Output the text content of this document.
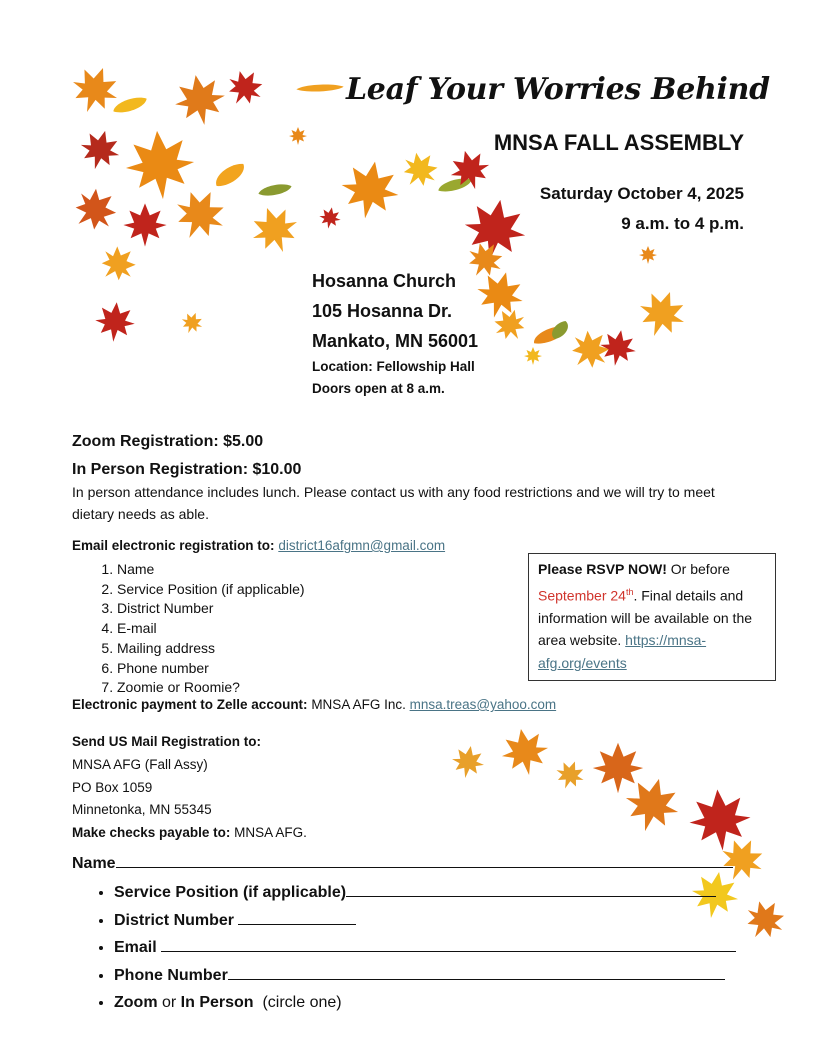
Leaf Your Worries Behind
MNSA FALL ASSEMBLY
Saturday October 4, 2025
9 a.m. to 4 p.m.
Hosanna Church
105 Hosanna Dr.
Mankato, MN 56001
Location: Fellowship Hall
Doors open at 8 a.m.
Zoom Registration: $5.00
In Person Registration: $10.00
In person attendance includes lunch. Please contact us with any food restrictions and we will try to meet dietary needs as able.
Email electronic registration to: district16afgmn@gmail.com
1. Name
2. Service Position (if applicable)
3. District Number
4. E-mail
5. Mailing address
6. Phone number
7. Zoomie or Roomie?
Please RSVP NOW! Or before September 24th. Final details and information will be available on the area website. https://mnsa-afg.org/events
Electronic payment to Zelle account: MNSA AFG Inc. mnsa.treas@yahoo.com
Send US Mail Registration to:
MNSA AFG (Fall Assy)
PO Box 1059
Minnetonka, MN 55345
Make checks payable to: MNSA AFG.
Name
• Service Position (if applicable)
• District Number
• Email
• Phone Number
• Zoom or In Person  (circle one)
